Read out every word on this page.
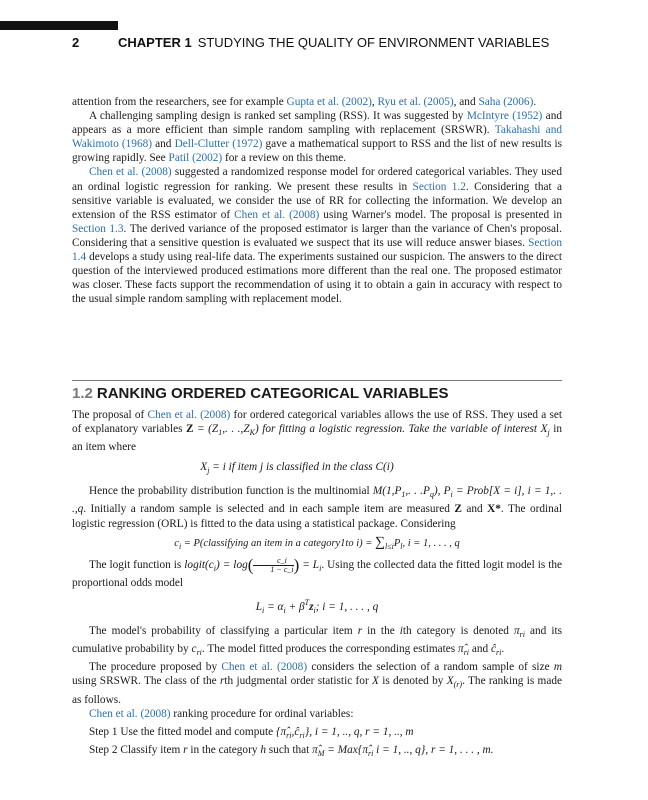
2	CHAPTER 1 STUDYING THE QUALITY OF ENVIRONMENT VARIABLES

attention from the researchers, see for example Gupta et al. (2002), Ryu et al. (2005), and Saha (2006).

A challenging sampling design is ranked set sampling (RSS). It was suggested by McIntyre (1952) and appears as a more efficient than simple random sampling with replacement (SRSWR). Takahashi and Wakimoto (1968) and Dell-Clutter (1972) gave a mathematical support to RSS and the list of new results is growing rapidly. See Patil (2002) for a review on this theme.

Chen et al. (2008) suggested a randomized response model for ordered categorical variables. They used an ordinal logistic regression for ranking. We present these results in Section 1.2. Considering that a sensitive variable is evaluated, we consider the use of RR for collecting the information. We develop an extension of the RSS estimator of Chen et al. (2008) using Warner's model. The proposal is presented in Section 1.3. The derived variance of the proposed estimator is larger than the variance of Chen's proposal. Considering that a sensitive question is evaluated we suspect that its use will reduce answer biases. Section 1.4 develops a study using real-life data. The experiments sustained our suspicion. The answers to the direct question of the interviewed produced estimations more different than the real one. The proposed estimator was closer. These facts support the recommendation of using it to obtain a gain in accuracy with respect to the usual simple random sampling with replacement model.

1.2 RANKING ORDERED CATEGORICAL VARIABLES

The proposal of Chen et al. (2008) for ordered categorical variables allows the use of RSS. They used a set of explanatory variables $Z = (Z_1$,. . $.,Z_K$) for fitting a logistic regression. Take the variable of interest $X_j$ in an item where

$X_j = i$ if item j is classified in the class C(i)

Hence the probability distribution function is the multinomial $M(1,P_1$,. . $.P_q$), $P_i$ = Prob[X = i], i = 1,. . .,q. Initially a random sample is selected and in each sample item are measured Z and X*. The ordinal logistic regression (ORL) is fitted to the data using a statistical package. Considering

$c_i$ = P(classifying an item in a category1to $i) = \sum_{l\le i}P_l$, i = 1, . . . , q

The logit function is $logit(c_i) = \log( \frac{c\_i}{1 - c\_i}$ ) = $L_i$. Using the collected data the fitted logit model is the proportional odds model

$L_i = \alpha_i + \beta^Tz_i$; i = 1, . . . , q

The model's probability of classifying a particular item r in the ith category is denoted $\pi_{ri}$ and its cumulative probability by $c_{ri}$. The model fitted produces the corresponding estimates $\pî_{ri}$ and $ĉ_{ri}$.

The procedure proposed by Chen et al. (2008) considers the selection of a random sample of size m using SRSWR. The class of the rth judgmental order statistic for X is denoted by $X_{(r)}$. The ranking is made as follows.

Chen et al. (2008) ranking procedure for ordinal variables:

Step 1 Use the fitted model and compute $\{\pî_{ri},ĉ_{ri}\}$, i = 1, .., q, r = 1, .., m

Step 2 Classify item r in the category h such that $\pî_M$ = $Max\{\pî_{ri}$ i = 1, .., q}, r = 1, . . . , m.
